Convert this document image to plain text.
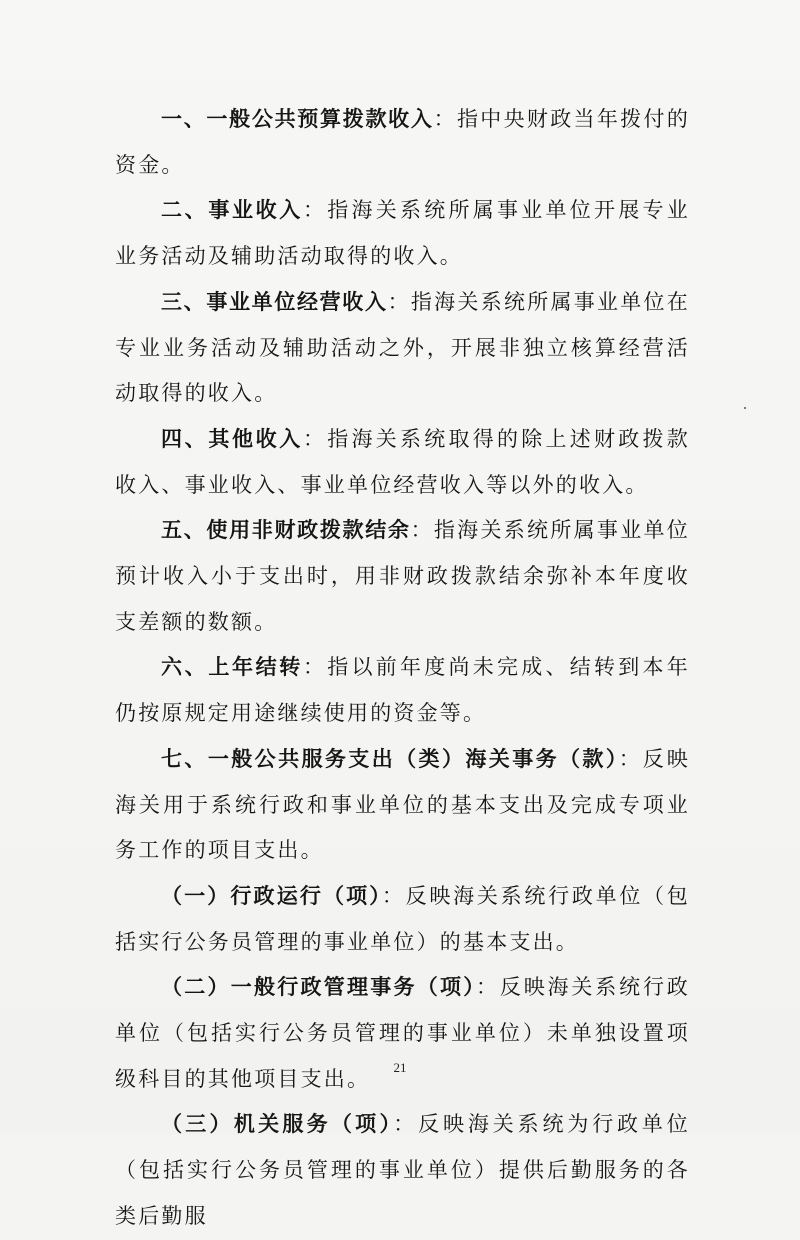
一、一般公共预算拨款收入：指中央财政当年拨付的资金。

二、事业收入：指海关系统所属事业单位开展专业业务活动及辅助活动取得的收入。

三、事业单位经营收入：指海关系统所属事业单位在专业业务活动及辅助活动之外，开展非独立核算经营活动取得的收入。

四、其他收入：指海关系统取得的除上述财政拨款收入、事业收入、事业单位经营收入等以外的收入。

五、使用非财政拨款结余：指海关系统所属事业单位预计收入小于支出时，用非财政拨款结余弥补本年度收支差额的数额。

六、上年结转：指以前年度尚未完成、结转到本年仍按原规定用途继续使用的资金等。

七、一般公共服务支出（类）海关事务（款）：反映海关用于系统行政和事业单位的基本支出及完成专项业务工作的项目支出。

（一）行政运行（项）：反映海关系统行政单位（包括实行公务员管理的事业单位）的基本支出。

（二）一般行政管理事务（项）：反映海关系统行政单位（包括实行公务员管理的事业单位）未单独设置项级科目的其他项目支出。

（三）机关服务（项）：反映海关系统为行政单位（包括实行公务员管理的事业单位）提供后勤服务的各类后勤服

21
